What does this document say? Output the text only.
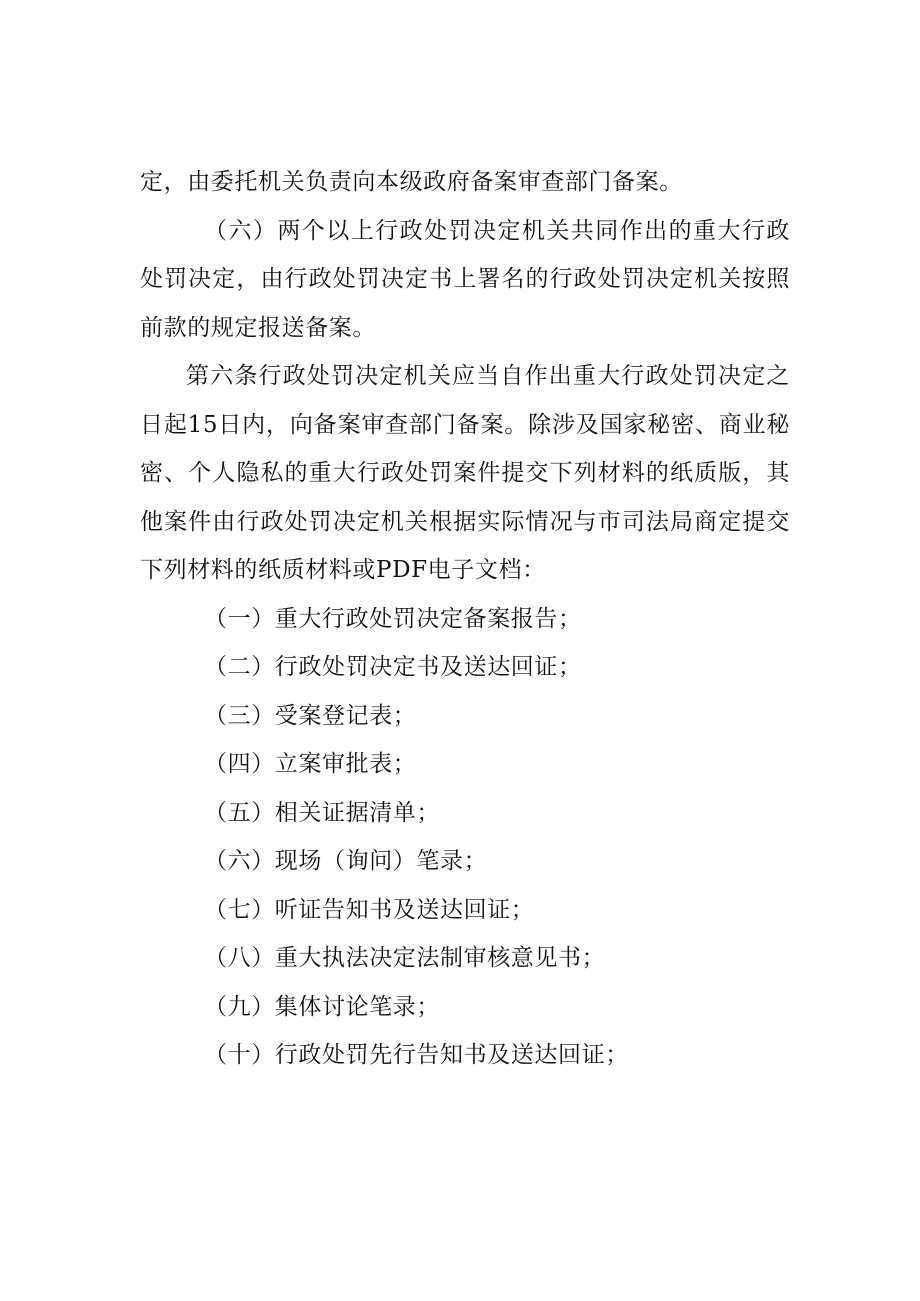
定，由委托机关负责向本级政府备案审查部门备案。

（六）两个以上行政处罚决定机关共同作出的重大行政处罚决定，由行政处罚决定书上署名的行政处罚决定机关按照前款的规定报送备案。

第六条行政处罚决定机关应当自作出重大行政处罚决定之日起15日内，向备案审查部门备案。除涉及国家秘密、商业秘密、个人隐私的重大行政处罚案件提交下列材料的纸质版，其他案件由行政处罚决定机关根据实际情况与市司法局商定提交下列材料的纸质材料或PDF电子文档：

（一）重大行政处罚决定备案报告；

（二）行政处罚决定书及送达回证；

（三）受案登记表；

（四）立案审批表；

（五）相关证据清单；

（六）现场（询问）笔录；

（七）听证告知书及送达回证；

（八）重大执法决定法制审核意见书；

（九）集体讨论笔录；

（十）行政处罚先行告知书及送达回证；
